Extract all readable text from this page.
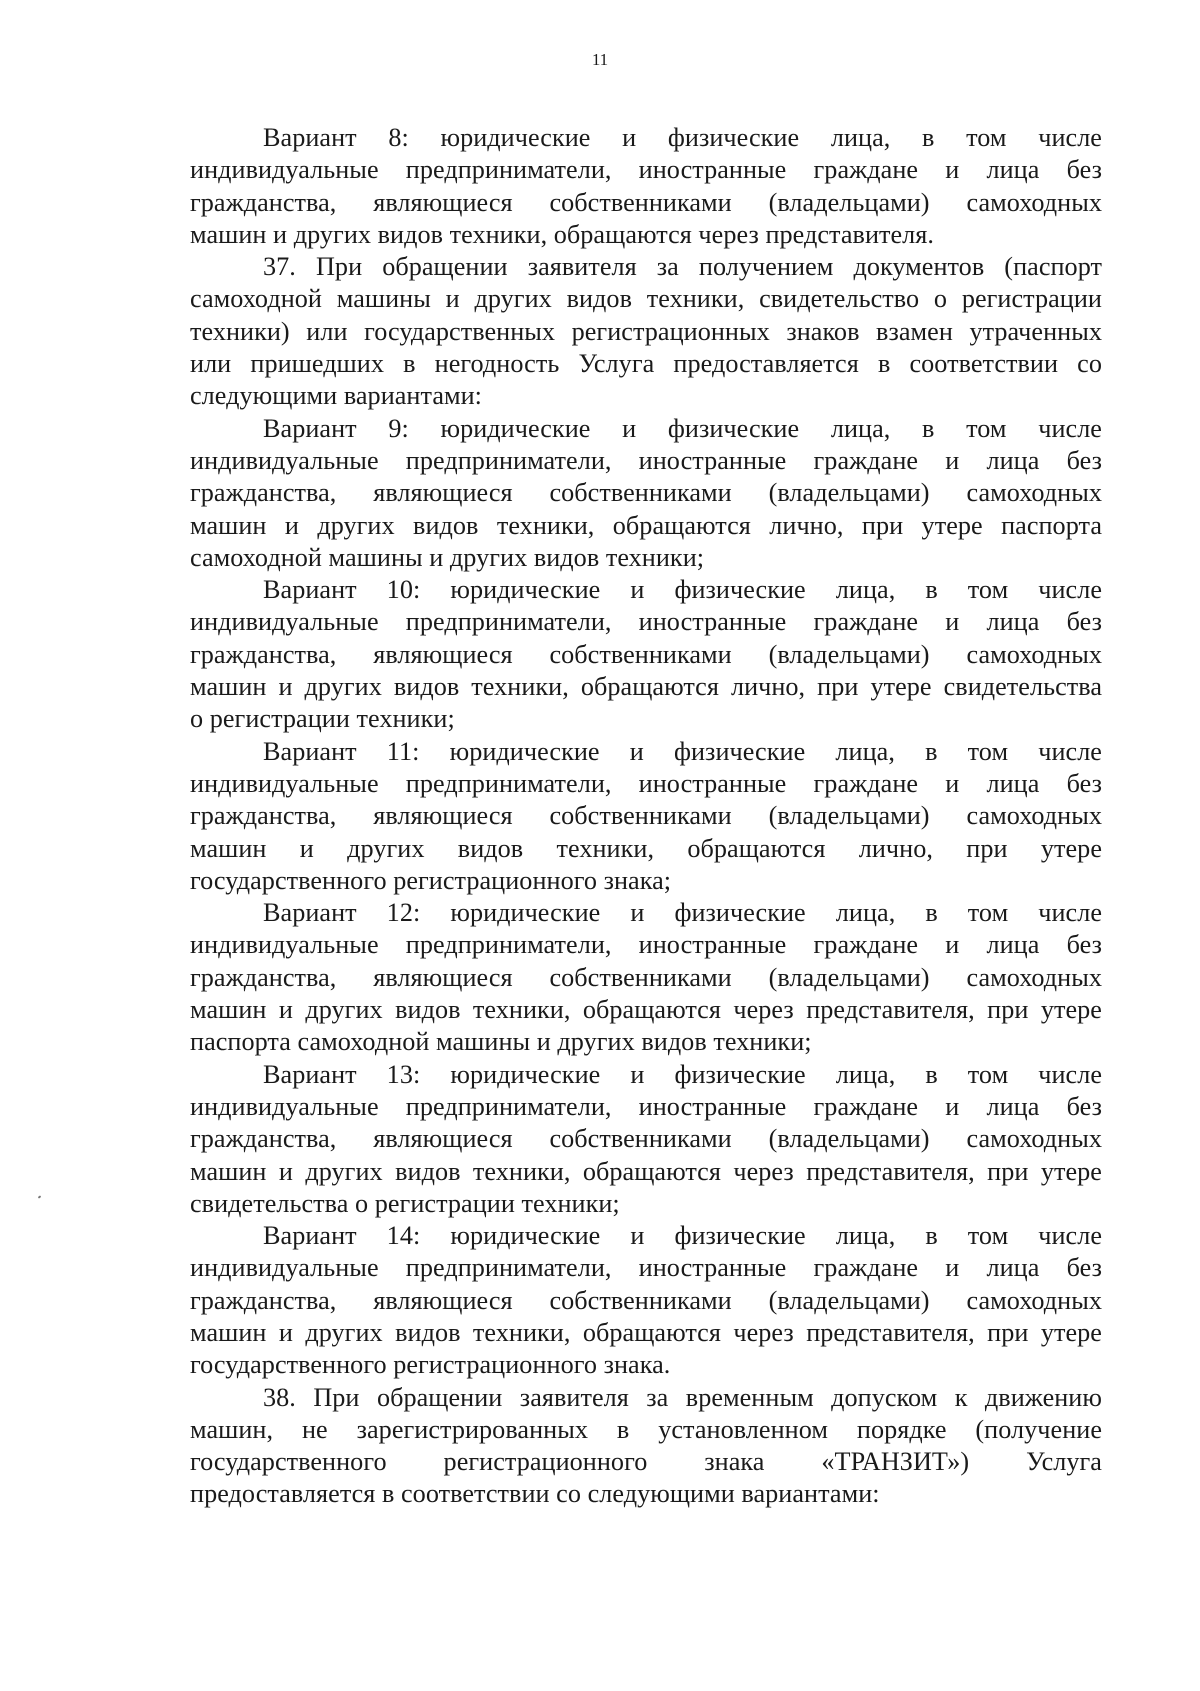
11
Вариант 8: юридические и физические лица, в том числе
индивидуальные предприниматели, иностранные граждане и лица без
гражданства, являющиеся собственниками (владельцами) самоходных
машин и других видов техники, обращаются через представителя.
37. При обращении заявителя за получением документов (паспорт
самоходной машины и других видов техники, свидетельство о регистрации
техники) или государственных регистрационных знаков взамен утраченных
или пришедших в негодность Услуга предоставляется в соответствии со
следующими вариантами:
Вариант 9: юридические и физические лица, в том числе
индивидуальные предприниматели, иностранные граждане и лица без
гражданства, являющиеся собственниками (владельцами) самоходных
машин и других видов техники, обращаются лично, при утере паспорта
самоходной машины и других видов техники;
Вариант 10: юридические и физические лица, в том числе
индивидуальные предприниматели, иностранные граждане и лица без
гражданства, являющиеся собственниками (владельцами) самоходных
машин и других видов техники, обращаются лично, при утере свидетельства
о регистрации техники;
Вариант 11: юридические и физические лица, в том числе
индивидуальные предприниматели, иностранные граждане и лица без
гражданства, являющиеся собственниками (владельцами) самоходных
машин и других видов техники, обращаются лично, при утере
государственного регистрационного знака;
Вариант 12: юридические и физические лица, в том числе
индивидуальные предприниматели, иностранные граждане и лица без
гражданства, являющиеся собственниками (владельцами) самоходных
машин и других видов техники, обращаются через представителя, при утере
паспорта самоходной машины и других видов техники;
Вариант 13: юридические и физические лица, в том числе
индивидуальные предприниматели, иностранные граждане и лица без
гражданства, являющиеся собственниками (владельцами) самоходных
машин и других видов техники, обращаются через представителя, при утере
свидетельства о регистрации техники;
Вариант 14: юридические и физические лица, в том числе
индивидуальные предприниматели, иностранные граждане и лица без
гражданства, являющиеся собственниками (владельцами) самоходных
машин и других видов техники, обращаются через представителя, при утере
государственного регистрационного знака.
38. При обращении заявителя за временным допуском к движению
машин, не зарегистрированных в установленном порядке (получение
государственного регистрационного знака «ТРАНЗИТ») Услуга
предоставляется в соответствии со следующими вариантами:
